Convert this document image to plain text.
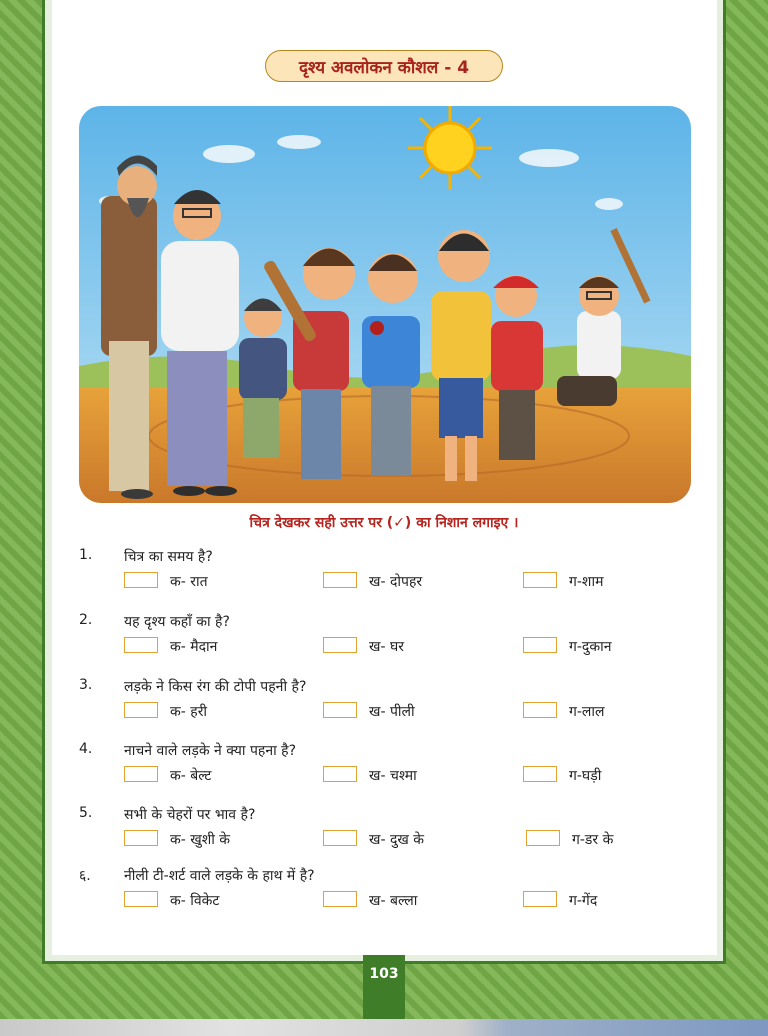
दृश्य अवलोकन कौशल - 4
चित्र देखकर सही उत्तर पर (✓) का निशान लगाइए ।
1. चित्र का समय है?
क- रात	ख- दोपहर	ग-शाम
2. यह दृश्य कहाँ का है?
क- मैदान	ख- घर	ग-दुकान
3. लड़के ने किस रंग की टोपी पहनी है?
क- हरी	ख- पीली	ग-लाल
4. नाचने वाले लड़के ने क्या पहना है?
क- बेल्ट	ख- चश्मा	ग-घड़ी
5. सभी के चेहरों पर भाव है?
क- खुशी के	ख- दुख के	ग-डर के
६. नीली टी-शर्ट वाले लड़के के हाथ में है?
क- विकेट	ख- बल्ला	ग-गेंद
103
